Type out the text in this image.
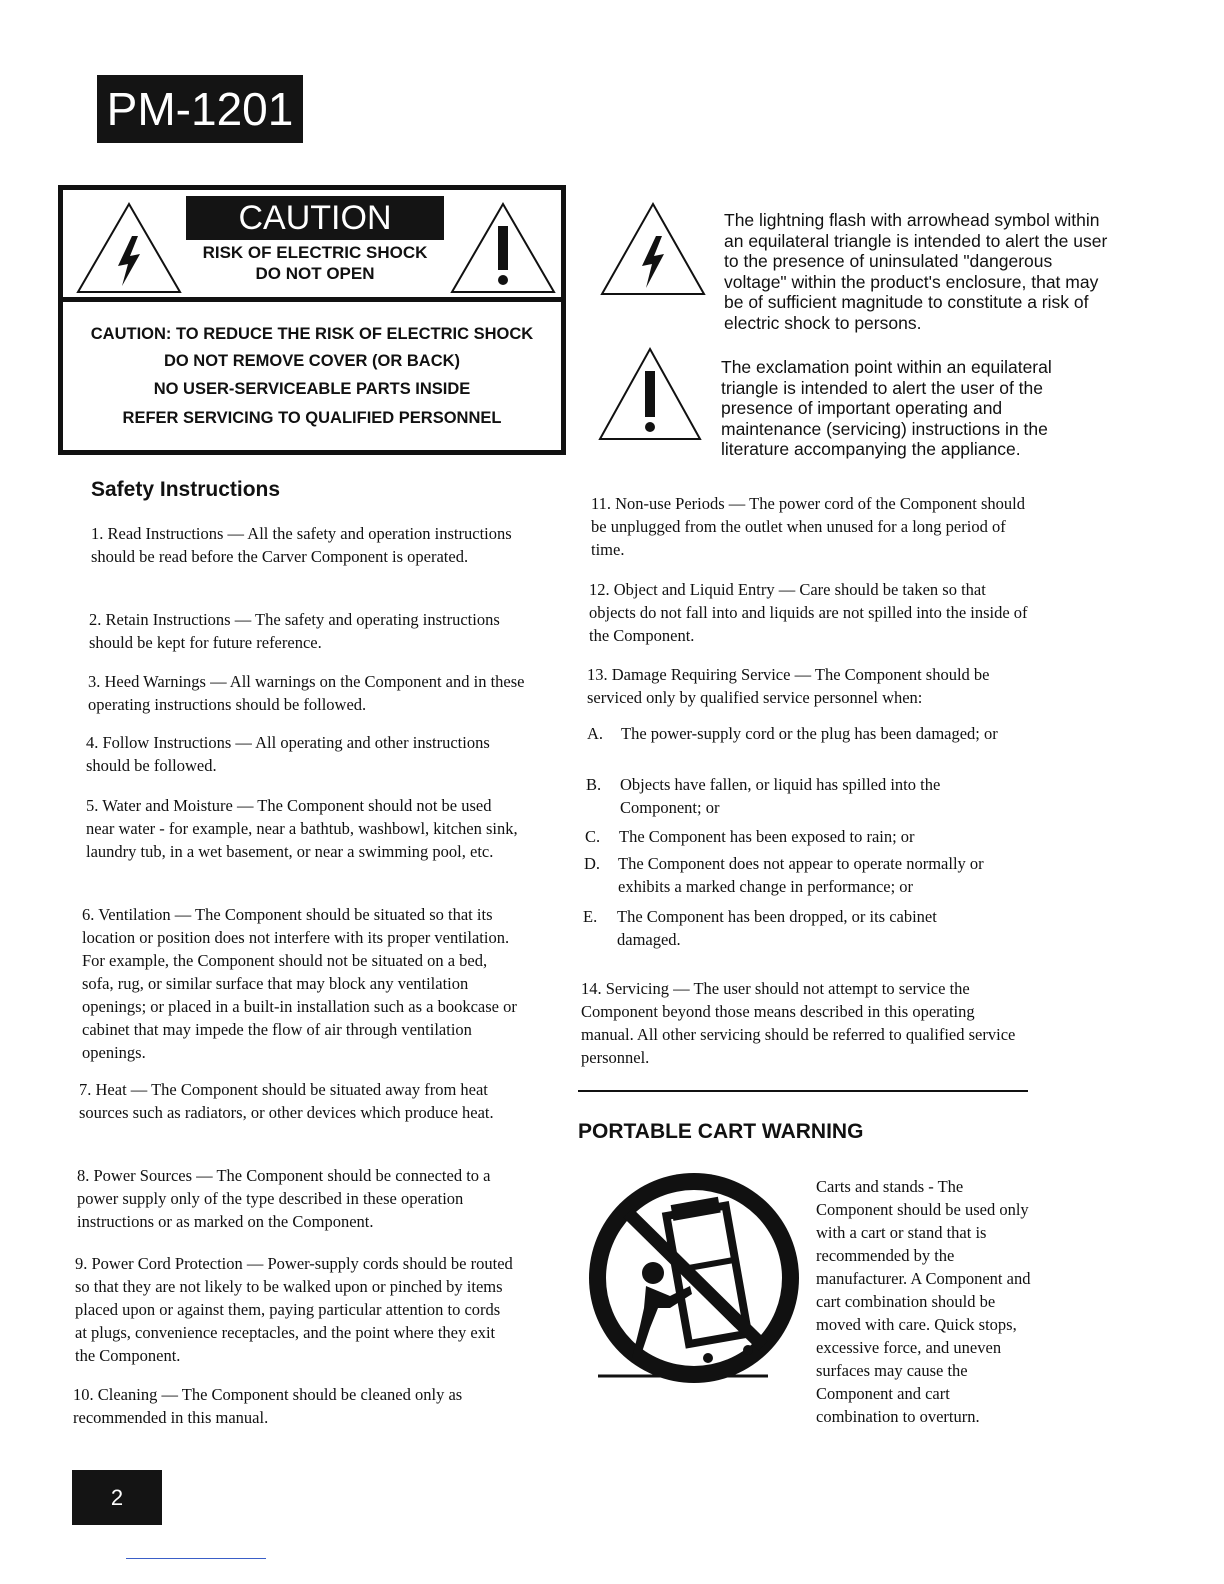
PM-1201
CAUTION
RISK OF ELECTRIC SHOCK
DO NOT OPEN
CAUTION: TO REDUCE THE RISK OF ELECTRIC SHOCK
DO NOT REMOVE COVER (OR BACK)
NO USER-SERVICEABLE PARTS INSIDE
REFER SERVICING TO QUALIFIED PERSONNEL
The lightning flash with arrowhead symbol within an equilateral triangle is intended to alert the user to the presence of uninsulated "dangerous voltage" within the product's enclosure, that may be of sufficient magnitude to constitute a risk of electric shock to persons.
The exclamation point within an equilateral triangle is intended to alert the user of the presence of important operating and maintenance (servicing) instructions in the literature accompanying the appliance.
Safety Instructions
1. Read Instructions — All the safety and operation instructions should be read before the Carver Component is operated.
2. Retain Instructions — The safety and operating instructions should be kept for future reference.
3. Heed Warnings — All warnings on the Component and in these operating instructions should be followed.
4. Follow Instructions — All operating and other instructions should be followed.
5. Water and Moisture — The Component should not be used near water - for example, near a bathtub, washbowl, kitchen sink, laundry tub, in a wet basement, or near a swimming pool, etc.
6. Ventilation — The Component should be situated so that its location or position does not interfere with its proper ventilation. For example, the Component should not be situated on a bed, sofa, rug, or similar surface that may block any ventilation openings; or placed in a built-in installation such as a bookcase or cabinet that may impede the flow of air through ventilation openings.
7. Heat — The Component should be situated away from heat sources such as radiators, or other devices which produce heat.
8. Power Sources — The Component should be connected to a power supply only of the type described in these operation instructions or as marked on the Component.
9. Power Cord Protection — Power-supply cords should be routed so that they are not likely to be walked upon or pinched by items placed upon or against them, paying particular attention to cords at plugs, convenience receptacles, and the point where they exit the Component.
10. Cleaning — The Component should be cleaned only as recommended in this manual.
11. Non-use Periods — The power cord of the Component should be unplugged from the outlet when unused for a long period of time.
12. Object and Liquid Entry — Care should be taken so that objects do not fall into and liquids are not spilled into the inside of the Component.
13. Damage Requiring Service — The Component should be serviced only by qualified service personnel when:
A. The power-supply cord or the plug has been damaged; or
B. Objects have fallen, or liquid has spilled into the Component; or
C. The Component has been exposed to rain; or
D. The Component does not appear to operate normally or exhibits a marked change in performance; or
E. The Component has been dropped, or its cabinet damaged.
14. Servicing — The user should not attempt to service the Component beyond those means described in this operating manual. All other servicing should be referred to qualified service personnel.
PORTABLE CART WARNING
Carts and stands - The Component should be used only with a cart or stand that is recommended by the manufacturer. A Component and cart combination should be moved with care. Quick stops, excessive force, and uneven surfaces may cause the Component and cart combination to overturn.
2
